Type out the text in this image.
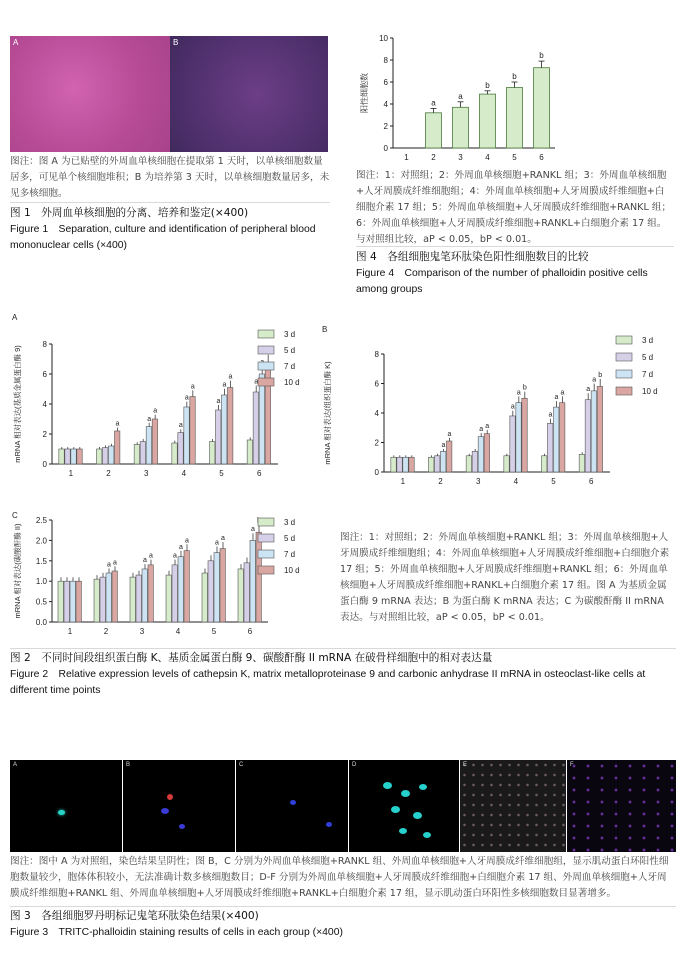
A	B
图注：图 A 为已贴壁的外周血单核细胞在提取第 1 天时，以单核细胞数量居多，可见单个核细胞堆积；B 为培养第 3 天时，以单核细胞数量居多，未见多核细胞。
图 1　外周血单核细胞的分离、培养和鉴定(×400)
Figure 1　Separation, culture and identification of peripheral blood mononuclear cells (×400)
0
2
4
6
8
10
阳性细胞数
1
a
2
a
3
b
4
b
5
b
6
图注：1：对照组；2：外周血单核细胞+RANKL 组；3：外周血单核细胞+人牙周膜成纤维细胞组；4：外周血单核细胞+人牙周膜成纤维细胞+白细胞介素 17 组；5：外周血单核细胞+人牙周膜成纤维细胞+RANKL 组；6：外周血单核细胞+人牙周膜成纤维细胞+RANKL+白细胞介素 17 组。与对照组比较，aP < 0.05，bP < 0.01。
图 4　各组细胞鬼笔环肽染色阳性细胞数目的比较
Figure 4　Comparison of the number of phalloidin positive cells among groups
A
0
2
4
6
8
mRNA 相对表达(基质金属蛋白酶 9)
1
a
2
a
a
3
a
a
a
4
a
a
a
5
a
6
3 d
5 d
7 d
10 d
B
0
2
4
6
8
mRNA 相对表达(组织蛋白酶 K)
1
a
a
2
a a
3
a
a
b
4
a
a
a
5
a
a
b
6
3 d
5 d
7 d
10 d
C
0.0
0.5
1.0
1.5
2.0
2.5
mRNA 相对表达(碳酸酐酶 II)
1
a a
2
a
a
3
a
a
a
4
a
a
5
a
6
3 d
5 d
7 d
10 d
图注：1：对照组；2：外周血单核细胞+RANKL 组；3：外周血单核细胞+人牙周膜成纤维细胞组；4：外周血单核细胞+人牙周膜成纤维细胞+白细胞介素 17 组；5：外周血单核细胞+人牙周膜成纤维细胞+RANKL 组；6：外周血单核细胞+人牙周膜成纤维细胞+RANKL+白细胞介素 17 组。图 A 为基质金属蛋白酶 9 mRNA 表达；B 为蛋白酶 K mRNA 表达；C 为碳酸酐酶 II mRNA 表达。与对照组比较，aP < 0.05，bP < 0.01。
图 2　不同时间段组织蛋白酶 K、基质金属蛋白酶 9、碳酸酐酶 II mRNA 在破骨样细胞中的相对表达量
Figure 2　Relative expression levels of cathepsin K, matrix metalloproteinase 9 and carbonic anhydrase II mRNA in osteoclast-like cells at different time points
A	B	C	D	E	F
图注：图中 A 为对照组，染色结果呈阴性；图 B，C 分别为外周血单核细胞+RANKL 组、外周血单核细胞+人牙周膜成纤维细胞组，显示肌动蛋白环阳性细胞数量较少，胞体体积较小，无法准确计数多核细胞数目；D-F 分别为外周血单核细胞+人牙周膜成纤维细胞+白细胞介素 17 组、外周血单核细胞+人牙周膜成纤维细胞+RANKL 组、外周血单核细胞+人牙周膜成纤维细胞+RANKL+白细胞介素 17 组，显示肌动蛋白环阳性多核细胞数目显著增多。
图 3　各组细胞罗丹明标记鬼笔环肽染色结果(×400)
Figure 3　TRITC-phalloidin staining results of cells in each group (×400)
